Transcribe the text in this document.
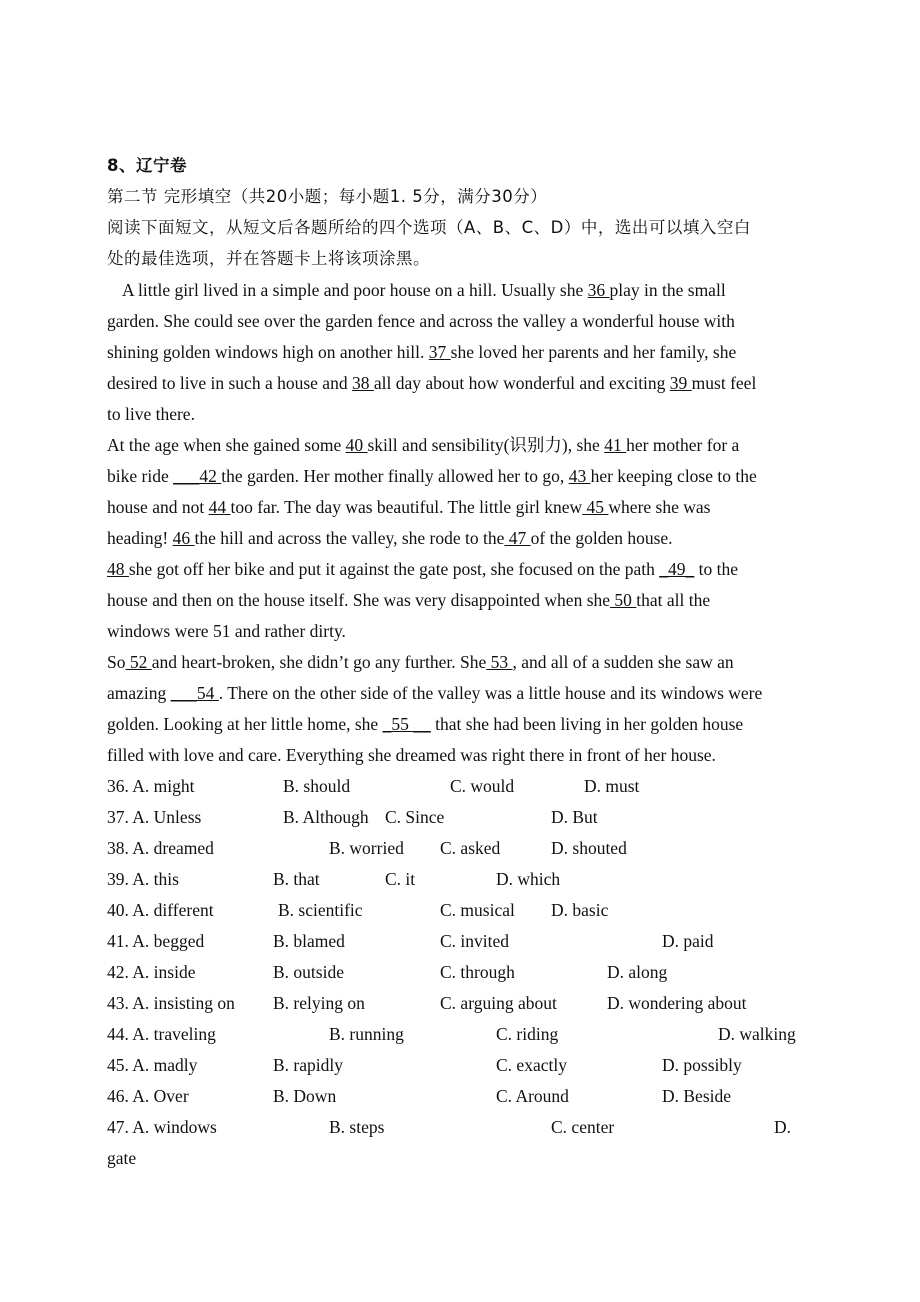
8、辽宁卷
第二节 完形填空（共20小题；每小题1. 5分，满分30分）
阅读下面短文，从短文后各题所给的四个选项（A、B、C、D）中，选出可以填入空白
处的最佳选项，并在答题卡上将该项涂黑。
A little girl lived in a simple and poor house on a hill. Usually she 36 play in the small
garden. She could see over the garden fence and across the valley a wonderful house with
shining golden windows high on another hill. 37 she loved her parents and her family, she
desired to live in such a house and 38 all day about how wonderful and exciting 39 must feel
to live there.
At the age when she gained some 40 skill and sensibility(识别力), she 41 her mother for a
bike ride ___42 the garden. Her mother finally allowed her to go, 43 her keeping close to the
house and not 44 too far. The day was beautiful. The little girl knew 45 where she was
heading! 46 the hill and across the valley, she rode to the 47 of the golden house.
48 she got off her bike and put it against the gate post, she focused on the path _49_ to the
house and then on the house itself. She was very disappointed when she 50 that all the
windows were 51 and rather dirty.
So 52 and heart-broken, she didn’t go any further. She 53 , and all of a sudden she saw an
amazing ___54 . There on the other side of the valley was a little house and its windows were
golden. Looking at her little home, she _55 __ that she had been living in her golden house
filled with love and care. Everything she dreamed was right there in front of her house.
36. A. might	B. should	C. would	D. must
37. A. Unless	B. Although C. Since	D. But
38. A. dreamed	B. worried C. asked	D. shouted
39. A. this	B. that	C. it	D. which
40. A. different	B. scientific	C. musical D. basic
41. A. begged	B. blamed	C. invited	D. paid
42. A. inside	B. outside	C. through	D. along
43. A. insisting on B. relying on	C. arguing about	D. wondering about
44. A. traveling	B. running	C. riding	D. walking
45. A. madly	B. rapidly	C. exactly	D. possibly
46. A. Over	B. Down	C. Around	D. Beside
47. A. windows	B. steps	C. center	D.
gate
